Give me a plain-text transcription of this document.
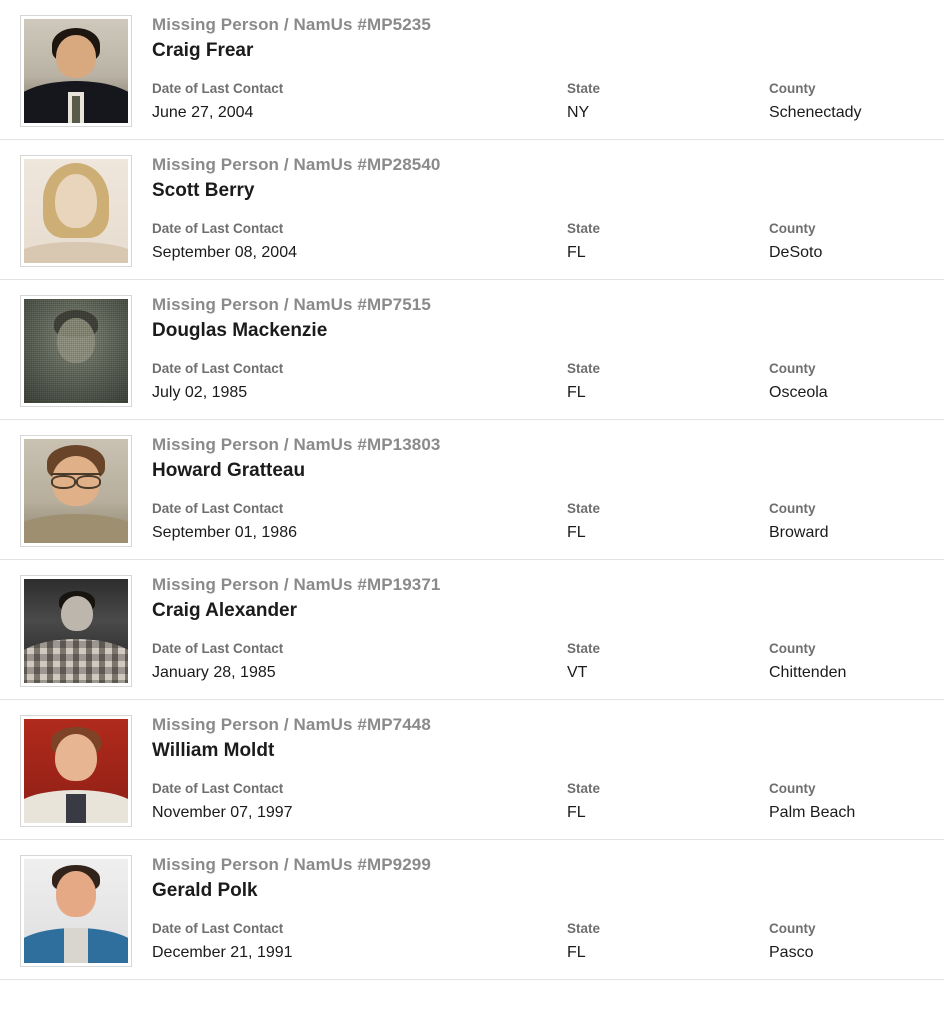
Missing Person / NamUs #MP5235
Craig Frear
Date of Last Contact
June 27, 2004
State
NY
County
Schenectady
Missing Person / NamUs #MP28540
Scott Berry
Date of Last Contact
September 08, 2004
State
FL
County
DeSoto
Missing Person / NamUs #MP7515
Douglas Mackenzie
Date of Last Contact
July 02, 1985
State
FL
County
Osceola
Missing Person / NamUs #MP13803
Howard Gratteau
Date of Last Contact
September 01, 1986
State
FL
County
Broward
Missing Person / NamUs #MP19371
Craig Alexander
Date of Last Contact
January 28, 1985
State
VT
County
Chittenden
Missing Person / NamUs #MP7448
William Moldt
Date of Last Contact
November 07, 1997
State
FL
County
Palm Beach
Missing Person / NamUs #MP9299
Gerald Polk
Date of Last Contact
December 21, 1991
State
FL
County
Pasco
